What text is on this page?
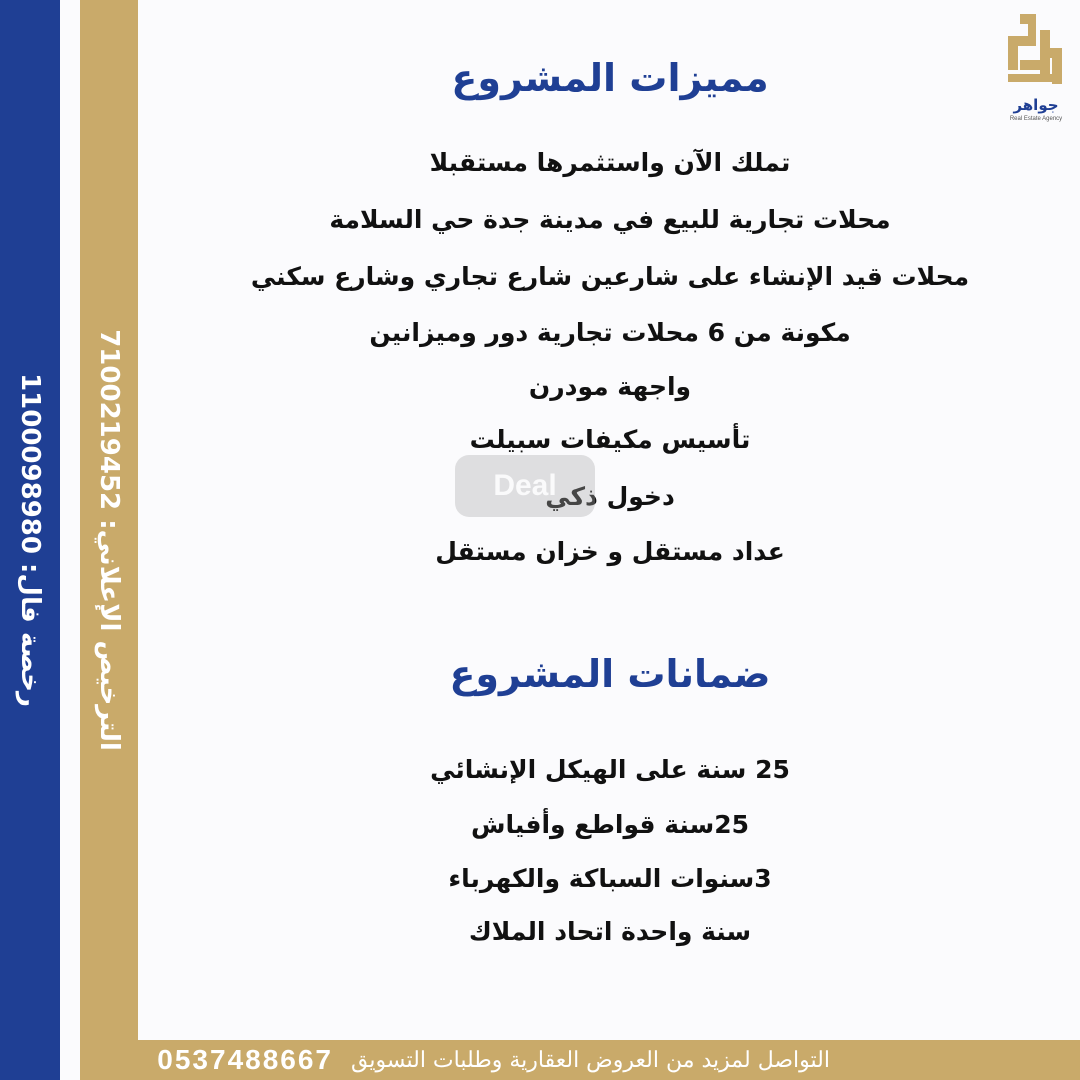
رخصة فال: 1100098980
الترخيص الإعلاني: 7100219452
جواهر
Real Estate Agency
مميزات المشروع
تملك الآن واستثمرها مستقبلا
محلات تجارية للبيع في مدينة جدة حي السلامة
محلات قيد الإنشاء على شارعين شارع تجاري وشارع سكني
مكونة من 6 محلات تجارية دور وميزانين
واجهة مودرن
تأسيس مكيفات سبيلت
دخول ذكي
عداد مستقل و خزان مستقل
ضمانات المشروع
25 سنة على الهيكل الإنشائي
25سنة قواطع وأفياش
3سنوات السباكة والكهرباء
سنة واحدة اتحاد الملاك
Deal
التواصل لمزيد من العروض العقارية وطلبات التسويق
0537488667
